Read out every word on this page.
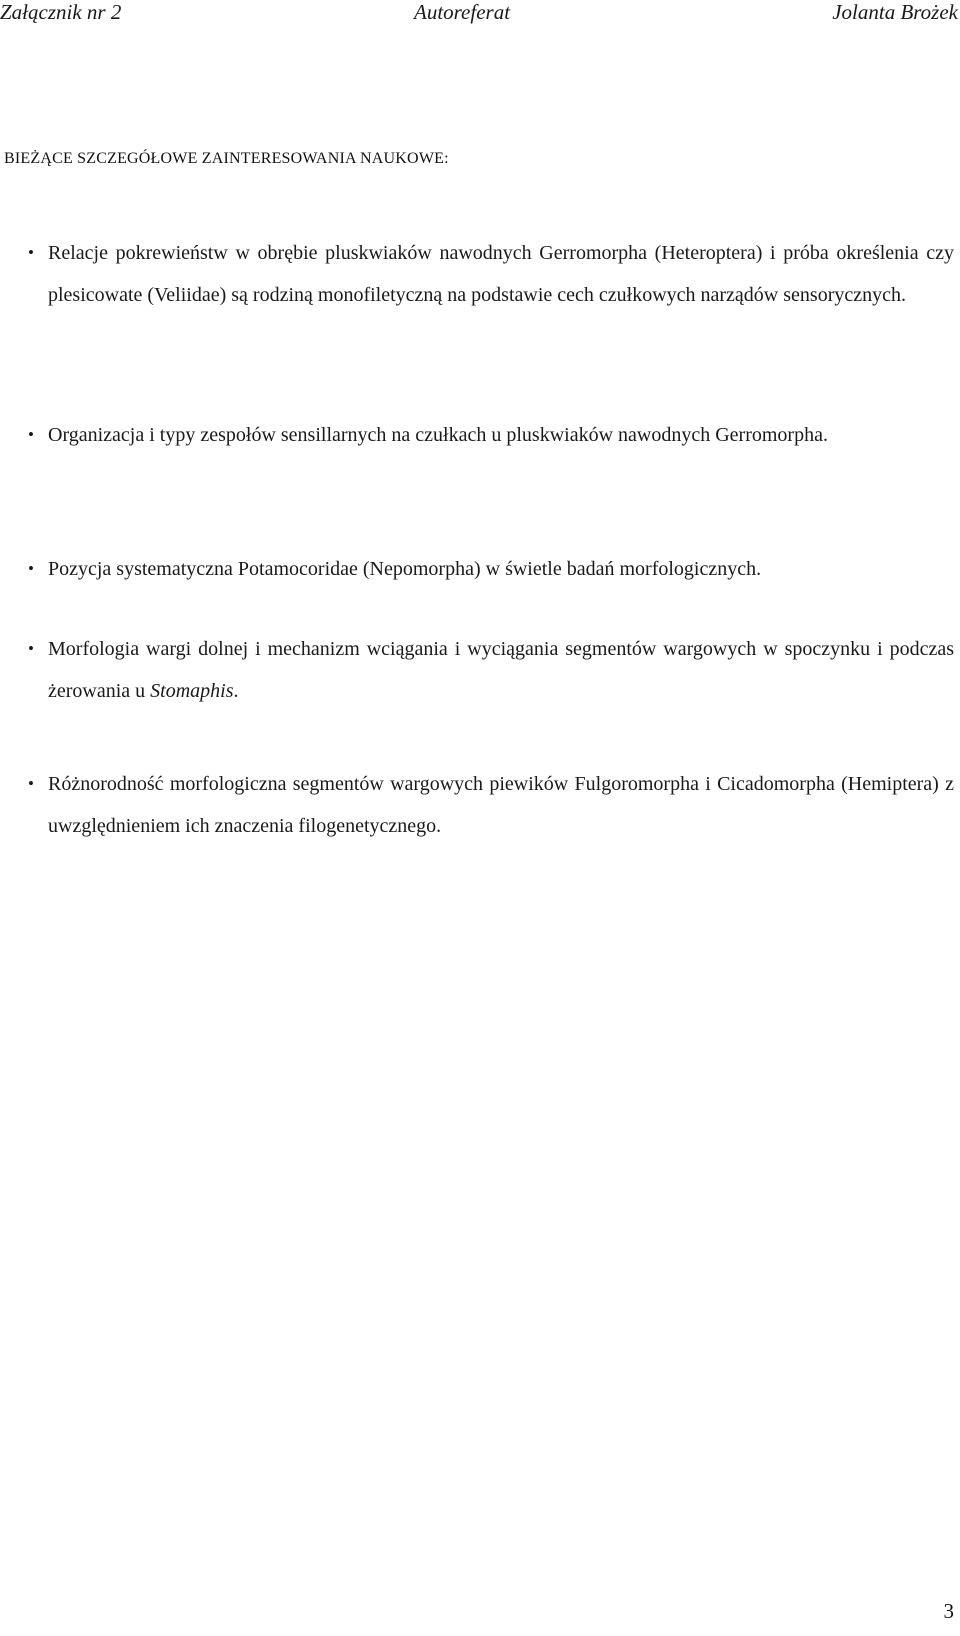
Załącznik nr 2	Autoreferat	Jolanta Brożek
BIEŻĄCE SZCZEGÓŁOWE ZAINTERESOWANIA NAUKOWE:
• Relacje pokrewieństw w obrębie pluskwiaków nawodnych Gerromorpha (Heteroptera) i próba określenia czy plesicowate (Veliidae) są rodziną monofiletyczną na podstawie cech czułkowych narządów sensorycznych.
• Organizacja i typy zespołów sensillarnych na czułkach u pluskwiaków nawodnych Gerromorpha.
• Pozycja systematyczna Potamocoridae (Nepomorpha) w świetle badań morfologicznych.
• Morfologia wargi dolnej i mechanizm wciągania i wyciągania segmentów wargowych w spoczynku i podczas żerowania u Stomaphis.
• Różnorodność morfologiczna segmentów wargowych piewików Fulgoromorpha i Cicadomorpha (Hemiptera) z uwzględnieniem ich znaczenia filogenetycznego.
3
